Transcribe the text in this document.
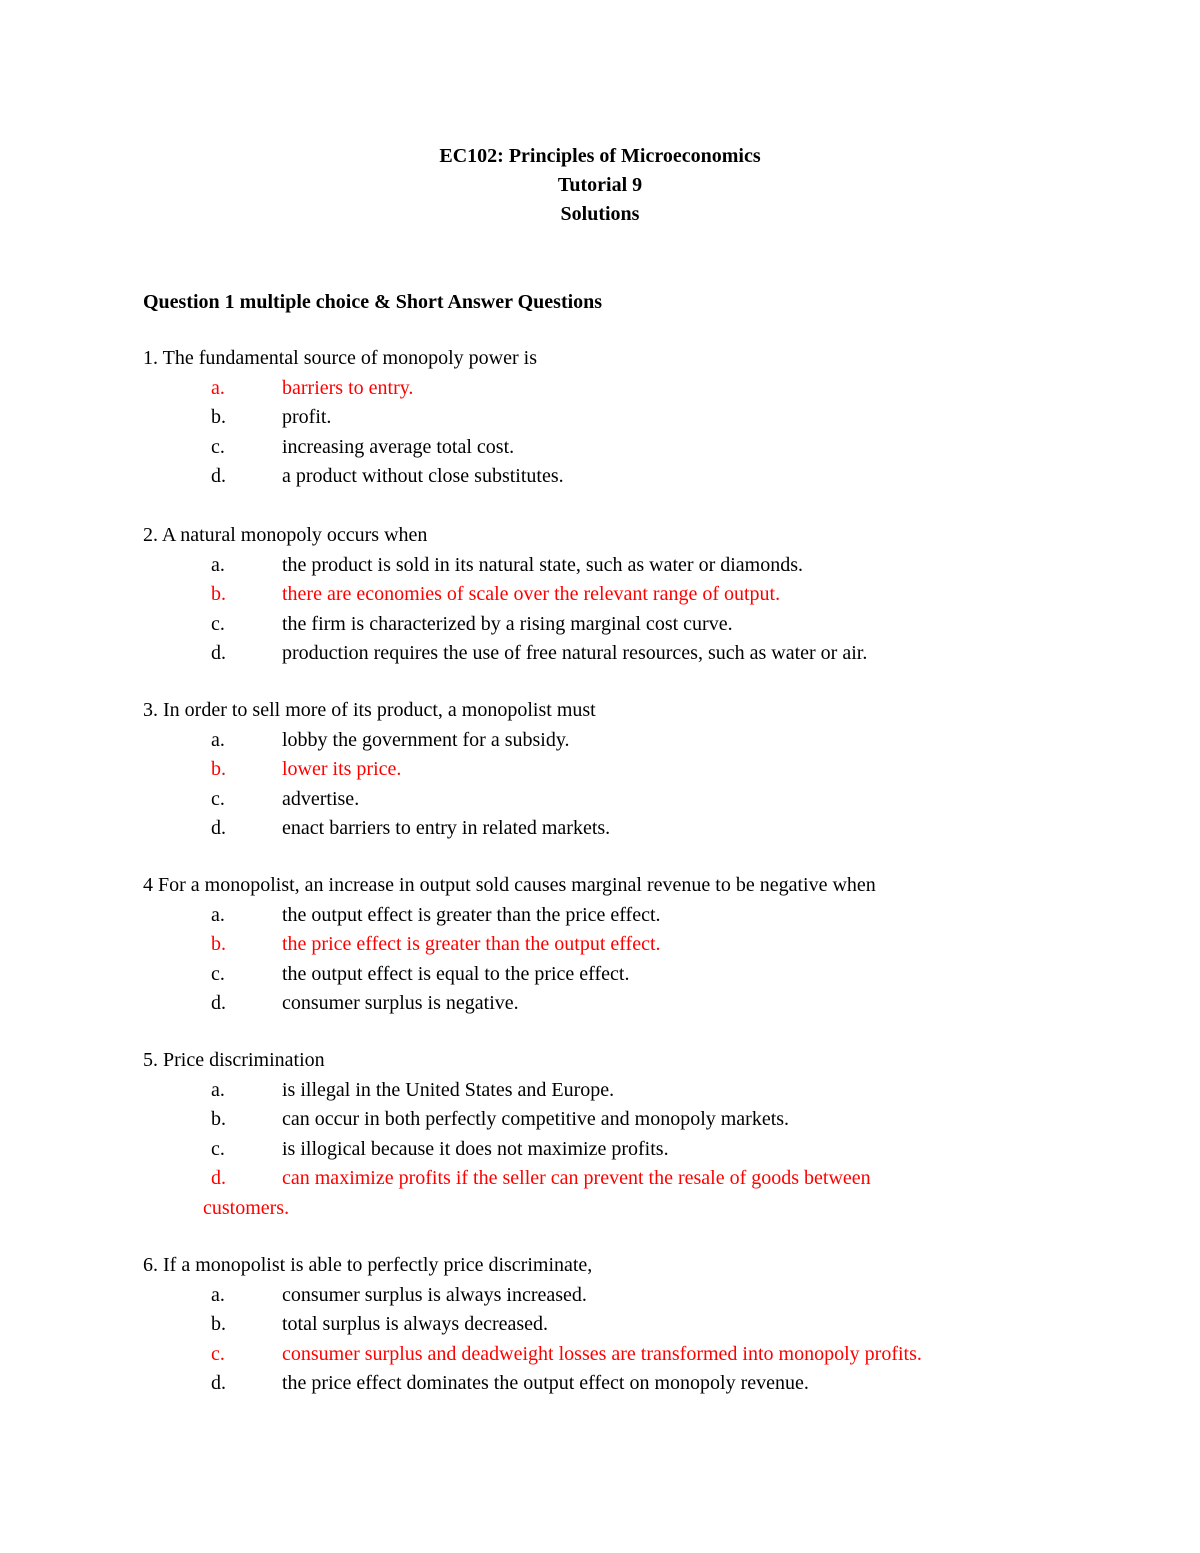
EC102: Principles of Microeconomics
Tutorial 9
Solutions
Question 1 multiple choice & Short Answer Questions
1. The fundamental source of monopoly power is
a.	barriers to entry.
b.	profit.
c.	increasing average total cost.
d.	a product without close substitutes.
2. A natural monopoly occurs when
a.	the product is sold in its natural state, such as water or diamonds.
b.	there are economies of scale over the relevant range of output.
c.	the firm is characterized by a rising marginal cost curve.
d.	production requires the use of free natural resources, such as water or air.
3. In order to sell more of its product, a monopolist must
a.	lobby the government for a subsidy.
b.	lower its price.
c.	advertise.
d.	enact barriers to entry in related markets.
4 For a monopolist, an increase in output sold causes marginal revenue to be negative when
a.	the output effect is greater than the price effect.
b.	the price effect is greater than the output effect.
c.	the output effect is equal to the price effect.
d.	consumer surplus is negative.
5. Price discrimination
a.	is illegal in the United States and Europe.
b.	can occur in both perfectly competitive and monopoly markets.
c.	is illogical because it does not maximize profits.
d.	can maximize profits if the seller can prevent the resale of goods between
customers.
6. If a monopolist is able to perfectly price discriminate,
a.	consumer surplus is always increased.
b.	total surplus is always decreased.
c.	consumer surplus and deadweight losses are transformed into monopoly profits.
d.	the price effect dominates the output effect on monopoly revenue.
